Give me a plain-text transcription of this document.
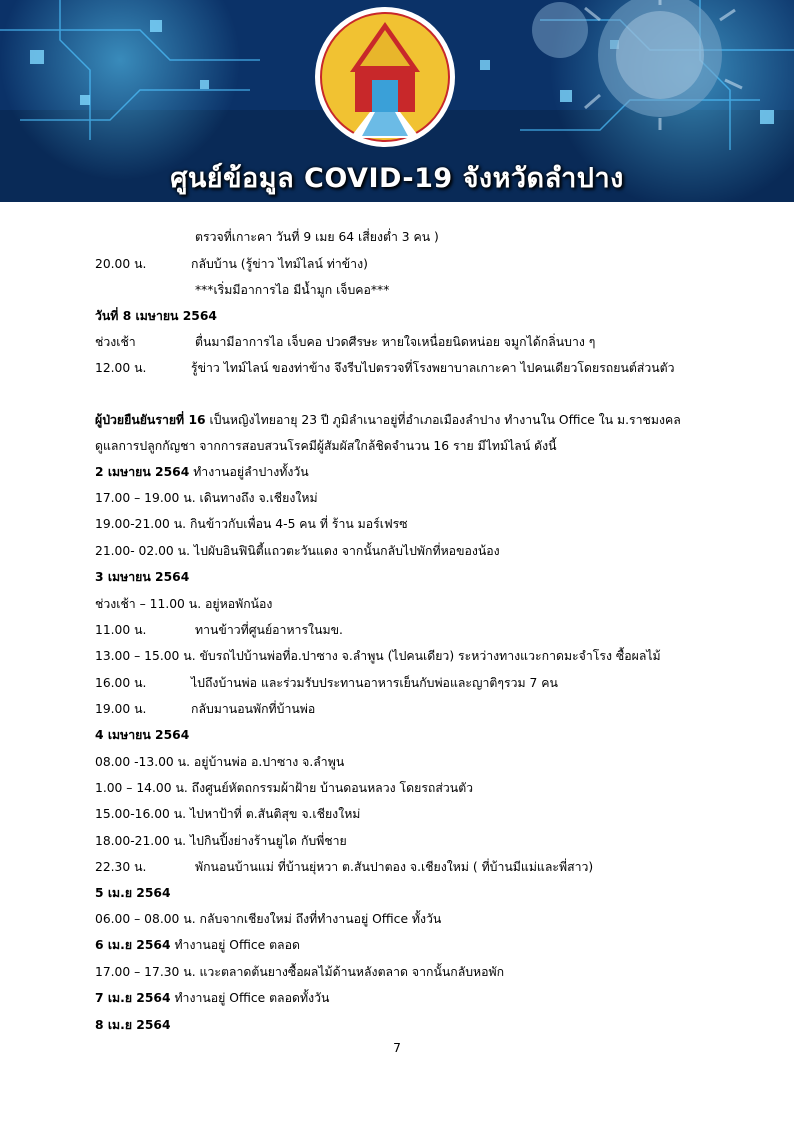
ศูนย์ข้อมูล COVID-19 จังหวัดลำปาง
ตรวจที่เกาะคา วันที่ 9 เมย 64 เสี่ยงต่ำ 3 คน )
20.00 น.	กลับบ้าน (รู้ข่าว ไทม์ไลน์ ท่าข้าง)
***เริ่มมีอาการไอ มีน้ำมูก เจ็บคอ***
วันที่ 8 เมษายน 2564
ช่วงเช้า	ตื่นมามีอาการไอ เจ็บคอ ปวดศีรษะ หายใจเหนื่อยนิดหน่อย จมูกได้กลิ่นบาง ๆ
12.00 น.	รู้ข่าว ไทม์ไลน์ ของท่าข้าง จึงรีบไปตรวจที่โรงพยาบาลเกาะคา ไปคนเดียวโดยรถยนต์ส่วนตัว
ผู้ป่วยยืนยันรายที่ 16 เป็นหญิงไทยอายุ 23 ปี ภูมิลำเนาอยู่ที่อำเภอเมืองลำปาง ทำงานใน Office ใน ม.ราชมงคล
ดูแลการปลูกกัญชา จากการสอบสวนโรคมีผู้สัมผัสใกล้ชิดจำนวน 16 ราย มีไทม์ไลน์ ดังนี้
2 เมษายน 2564 ทำงานอยู่ลำปางทั้งวัน
17.00 – 19.00 น. เดินทางถึง จ.เชียงใหม่
19.00-21.00 น. กินข้าวกับเพื่อน 4-5 คน ที่ ร้าน มอร์เฟรซ
21.00- 02.00 น. ไปผับอินฟินิตี้แถวตะวันแดง จากนั้นกลับไปพักที่หอของน้อง
3 เมษายน 2564
ช่วงเช้า – 11.00 น. อยู่หอพักน้อง
11.00 น.	ทานข้าวที่ศูนย์อาหารในมข.
13.00 – 15.00 น. ขับรถไปบ้านพ่อที่อ.ปาซาง จ.ลำพูน (ไปคนเดียว) ระหว่างทางแวะกาดมะจำโรง ซื้อผลไม้
16.00 น.	ไปถึงบ้านพ่อ และร่วมรับประทานอาหารเย็นกับพ่อและญาติๆรวม 7 คน
19.00 น.	กลับมานอนพักที่บ้านพ่อ
4 เมษายน 2564
08.00 -13.00 น. อยู่บ้านพ่อ อ.ปาซาง จ.ลำพูน
1.00 – 14.00 น. ถึงศูนย์หัตถกรรมผ้าฝ้าย บ้านดอนหลวง โดยรถส่วนตัว
15.00-16.00 น. ไปหาป้าที่ ต.สันติสุข จ.เชียงใหม่
18.00-21.00 น. ไปกินปิ้งย่างร้านยูได กับพี่ชาย
22.30 น.	พักนอนบ้านแม่ ที่บ้านยุ่หวา ต.สันปาตอง จ.เชียงใหม่ ( ที่บ้านมีแม่และพี่สาว)
5 เม.ย 2564
06.00 – 08.00 น. กลับจากเชียงใหม่ ถึงที่ทำงานอยู่ Office ทั้งวัน
6 เม.ย 2564 ทำงานอยู่ Office ตลอด
17.00 – 17.30 น. แวะตลาดต้นยางซื้อผลไม้ด้านหลังตลาด จากนั้นกลับหอพัก
7 เม.ย 2564 ทำงานอยู่ Office ตลอดทั้งวัน
8 เม.ย 2564
7
